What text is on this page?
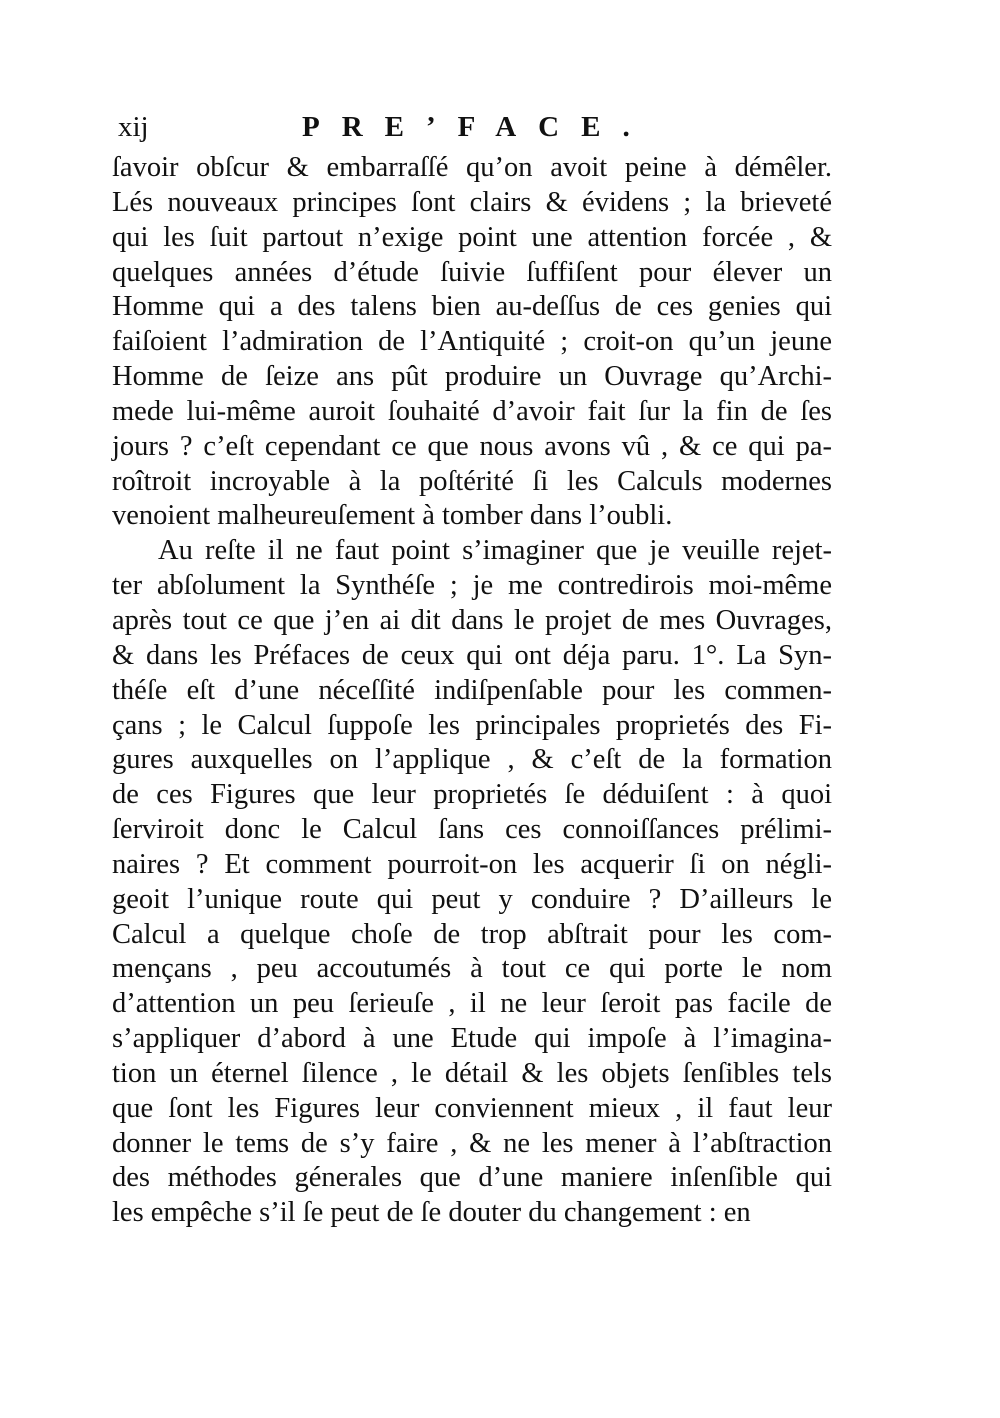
xij	PRE’FACE.
ſavoir obſcur & embarraſſé qu’on avoit peine à démêler.
Lés nouveaux principes ſont clairs & évidens ; la brieveté
qui les ſuit partout n’exige point une attention forcée , &
quelques années d’étude ſuivie ſuffiſent pour élever un
Homme qui a des talens bien au-deſſus de ces genies qui
faiſoient l’admiration de l’Antiquité ; croit-on qu’un jeune
Homme de ſeize ans pût produire un Ouvrage qu’Archi-
mede lui-même auroit ſouhaité d’avoir fait ſur la fin de ſes
jours ? c’eſt cependant ce que nous avons vû , & ce qui pa-
roîtroit incroyable à la poſtérité ſi les Calculs modernes
venoient malheureuſement à tomber dans l’oubli.
Au reſte il ne faut point s’imaginer que je veuille rejet-
ter abſolument la Synthéſe ; je me contredirois moi-même
après tout ce que j’en ai dit dans le projet de mes Ouvrages,
& dans les Préfaces de ceux qui ont déja paru. 1°. La Syn-
théſe eſt d’une néceſſité indiſpenſable pour les commen-
çans ; le Calcul ſuppoſe les principales proprietés des Fi-
gures auxquelles on l’applique , & c’eſt de la formation
de ces Figures que leur proprietés ſe déduiſent : à quoi
ſerviroit donc le Calcul ſans ces connoiſſances prélimi-
naires ? Et comment pourroit-on les acquerir ſi on négli-
geoit l’unique route qui peut y conduire ? D’ailleurs le
Calcul a quelque choſe de trop abſtrait pour les com-
mençans , peu accoutumés à tout ce qui porte le nom
d’attention un peu ſerieuſe , il ne leur ſeroit pas facile de
s’appliquer d’abord à une Etude qui impoſe à l’imagina-
tion un éternel ſilence , le détail & les objets ſenſibles tels
que ſont les Figures leur conviennent mieux , il faut leur
donner le tems de s’y faire , & ne les mener à l’abſtraction
des méthodes génerales que d’une maniere inſenſible qui
les empêche s’il ſe peut de ſe douter du changement : en
